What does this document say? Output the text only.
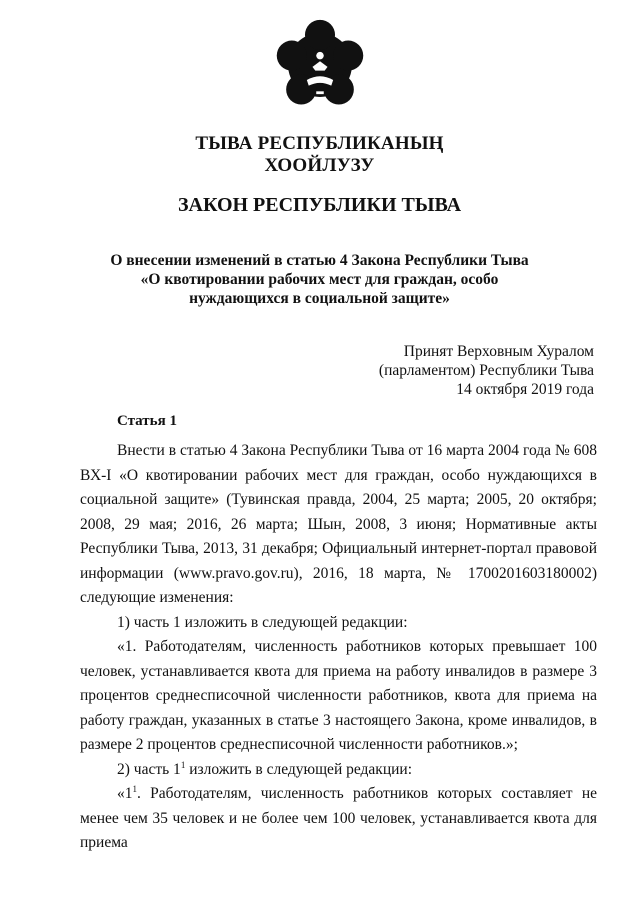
ТЫВА РЕСПУБЛИКАНЫҢ
ХООЙЛУЗУ
ЗАКОН РЕСПУБЛИКИ ТЫВА
О внесении изменений в статью 4 Закона Республики Тыва
«О квотировании рабочих мест для граждан, особо
нуждающихся в социальной защите»
Принят Верховным Хуралом
(парламентом) Республики Тыва
14 октября 2019 года
Статья 1

Внести в статью 4 Закона Республики Тыва от 16 марта 2004 года № 608 ВХ-I «О квотировании рабочих мест для граждан, особо нуждающихся в социальной защите» (Тувинская правда, 2004, 25 марта; 2005, 20 октября; 2008, 29 мая; 2016, 26 марта; Шын, 2008, 3 июня; Нормативные акты Республики Тыва, 2013, 31 декабря; Официальный интернет-портал правовой информации (www.pravo.gov.ru), 2016, 18 марта, № 1700201603180002) следующие изменения:

1) часть 1 изложить в следующей редакции:

«1. Работодателям, численность работников которых превышает 100 человек, устанавливается квота для приема на работу инвалидов в размере 3 процентов среднесписочной численности работников, квота для приема на работу граждан, указанных в статье 3 настоящего Закона, кроме инвалидов, в размере 2 процентов среднесписочной численности работников.»;

2) часть $1^1$ изложить в следующей редакции:

«$1^1$. Работодателям, численность работников которых составляет не менее чем 35 человек и не более чем 100 человек, устанавливается квота для приема
